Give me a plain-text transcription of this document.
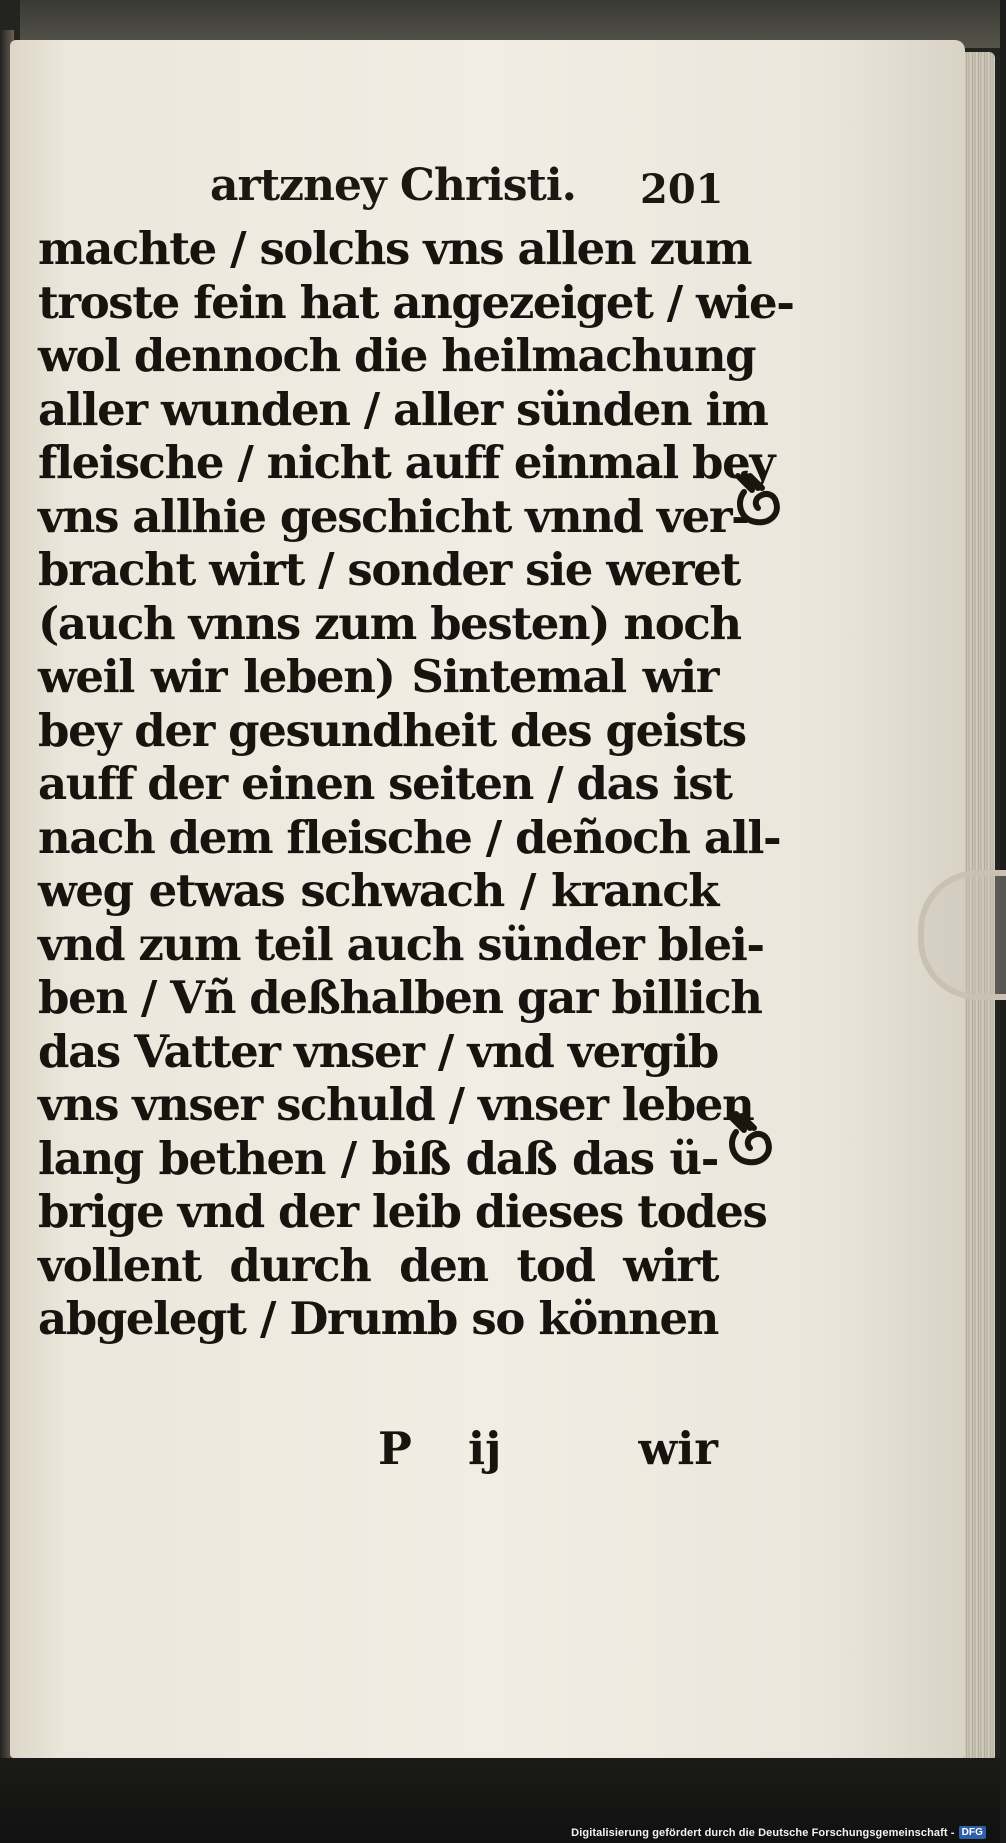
artzney Christi. 201
machte / solchs vns allen zum
troste fein hat angezeiget / wie-
wol dennoch die heilmachung
aller wunden / aller sünden im
fleische / nicht auff einmal bey
vns allhie geschicht vnnd ver-
bracht wirt / sonder sie weret
(auch vnns zum besten) noch
weil wir leben) Sintemal wir
bey der gesundheit des geists
auff der einen seiten / das ist
nach dem fleische / deñoch all-
weg etwas schwach / kranck
vnd zum teil auch sünder blei-
ben / Vñ deßhalben gar billich
das Vatter vnser / vnd vergib
vns vnser schuld / vnser leben
lang bethen / biß daß das ü-
brige vnd der leib dieses todes
vollent durch den tod wirt
abgelegt / Drumb so können
P ij	wir
Digitalisierung gefördert durch die Deutsche Forschungsgemeinschaft - DFG
